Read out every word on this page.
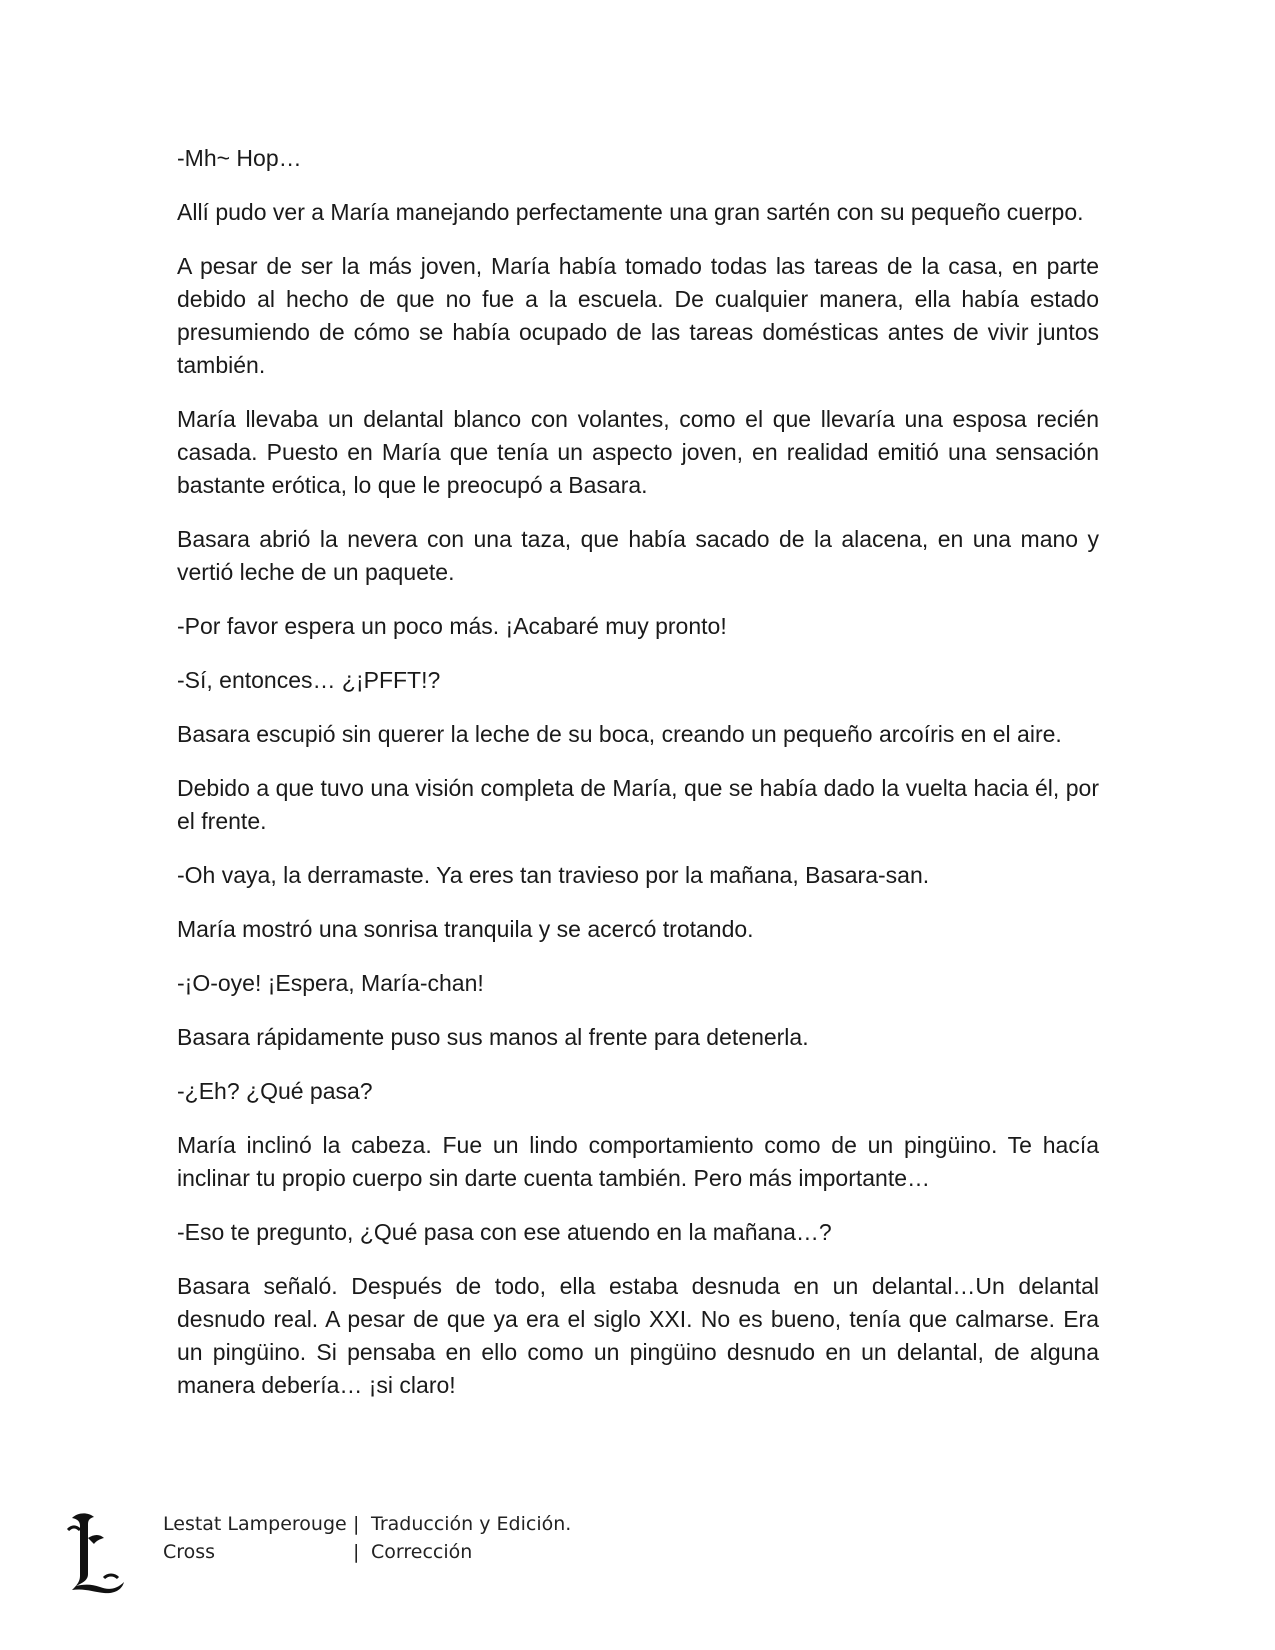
-Mh~ Hop…

Allí pudo ver a María manejando perfectamente una gran sartén con su pequeño cuerpo.

A pesar de ser la más joven, María había tomado todas las tareas de la casa, en parte debido al hecho de que no fue a la escuela. De cualquier manera, ella había estado presumiendo de cómo se había ocupado de las tareas domésticas antes de vivir juntos también.

María llevaba un delantal blanco con volantes, como el que llevaría una esposa recién casada. Puesto en María que tenía un aspecto joven, en realidad emitió una sensación bastante erótica, lo que le preocupó a Basara.

Basara abrió la nevera con una taza, que había sacado de la alacena, en una mano y vertió leche de un paquete.

-Por favor espera un poco más. ¡Acabaré muy pronto!

-Sí, entonces… ¿¡PFFT!?

Basara escupió sin querer la leche de su boca, creando un pequeño arcoíris en el aire.

Debido a que tuvo una visión completa de María, que se había dado la vuelta hacia él, por el frente.

-Oh vaya, la derramaste. Ya eres tan travieso por la mañana, Basara-san.

María mostró una sonrisa tranquila y se acercó trotando.

-¡O-oye! ¡Espera, María-chan!

Basara rápidamente puso sus manos al frente para detenerla.

-¿Eh? ¿Qué pasa?

María inclinó la cabeza. Fue un lindo comportamiento como de un pingüino. Te hacía inclinar tu propio cuerpo sin darte cuenta también. Pero más importante…

-Eso te pregunto, ¿Qué pasa con ese atuendo en la mañana…?

Basara señaló. Después de todo, ella estaba desnuda en un delantal…Un delantal desnudo real. A pesar de que ya era el siglo XXI. No es bueno, tenía que calmarse. Era un pingüino. Si pensaba en ello como un pingüino desnudo en un delantal, de alguna manera debería… ¡si claro!

Lestat Lamperouge | Traducción y Edición.
Cross	| Corrección
